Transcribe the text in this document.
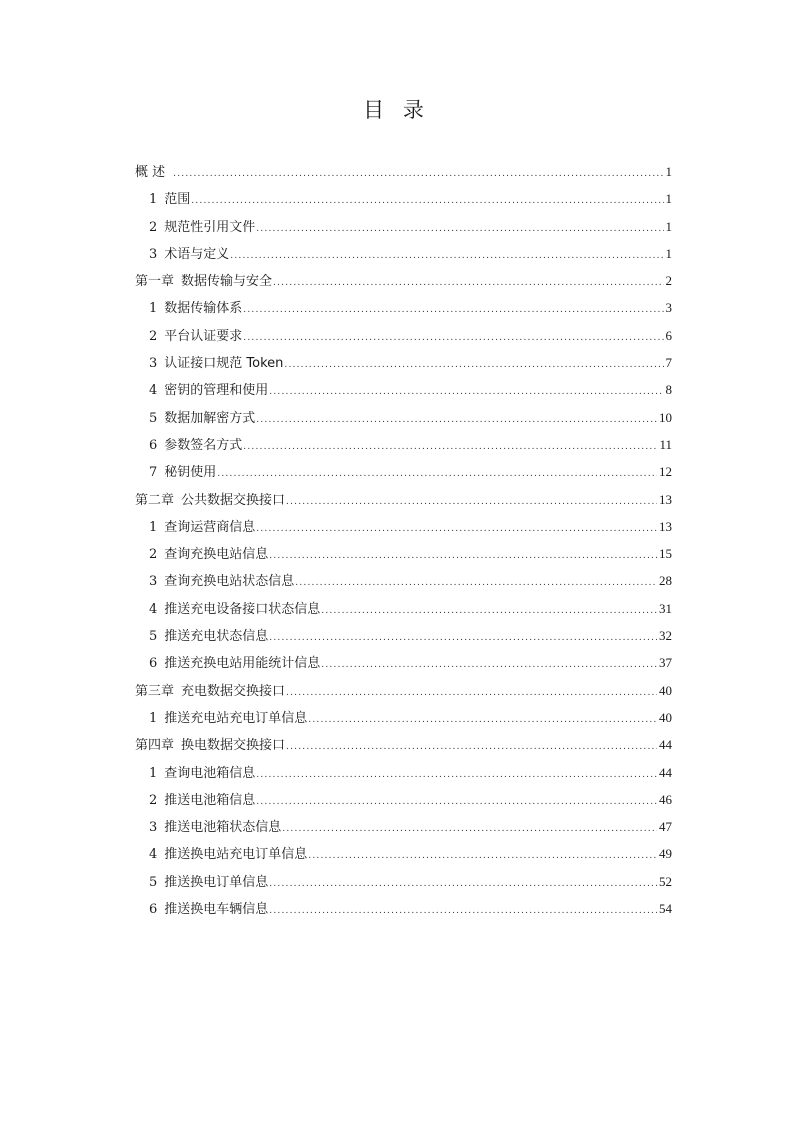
目 录
概 述 .....	1
1 范围 .....	1
2 规范性引用文件 .....	1
3 术语与定义 .....	1
第一章 数据传输与安全 .....	2
1 数据传输体系 .....	3
2 平台认证要求 .....	6
3 认证接口规范 Token .....	7
4 密钥的管理和使用 .....	8
5 数据加解密方式 .....	10
6 参数签名方式 .....	11
7 秘钥使用 .....	12
第二章 公共数据交换接口 .....	13
1 查询运营商信息 .....	13
2 查询充换电站信息 .....	15
3 查询充换电站状态信息 .....	28
4 推送充电设备接口状态信息 .....	31
5 推送充电状态信息 .....	32
6 推送充换电站用能统计信息 .....	37
第三章 充电数据交换接口 .....	40
1 推送充电站充电订单信息 .....	40
第四章 换电数据交换接口 .....	44
1 查询电池箱信息 .....	44
2 推送电池箱信息 .....	46
3 推送电池箱状态信息 .....	47
4 推送换电站充电订单信息 .....	49
5 推送换电订单信息 .....	52
6 推送换电车辆信息 .....	54
